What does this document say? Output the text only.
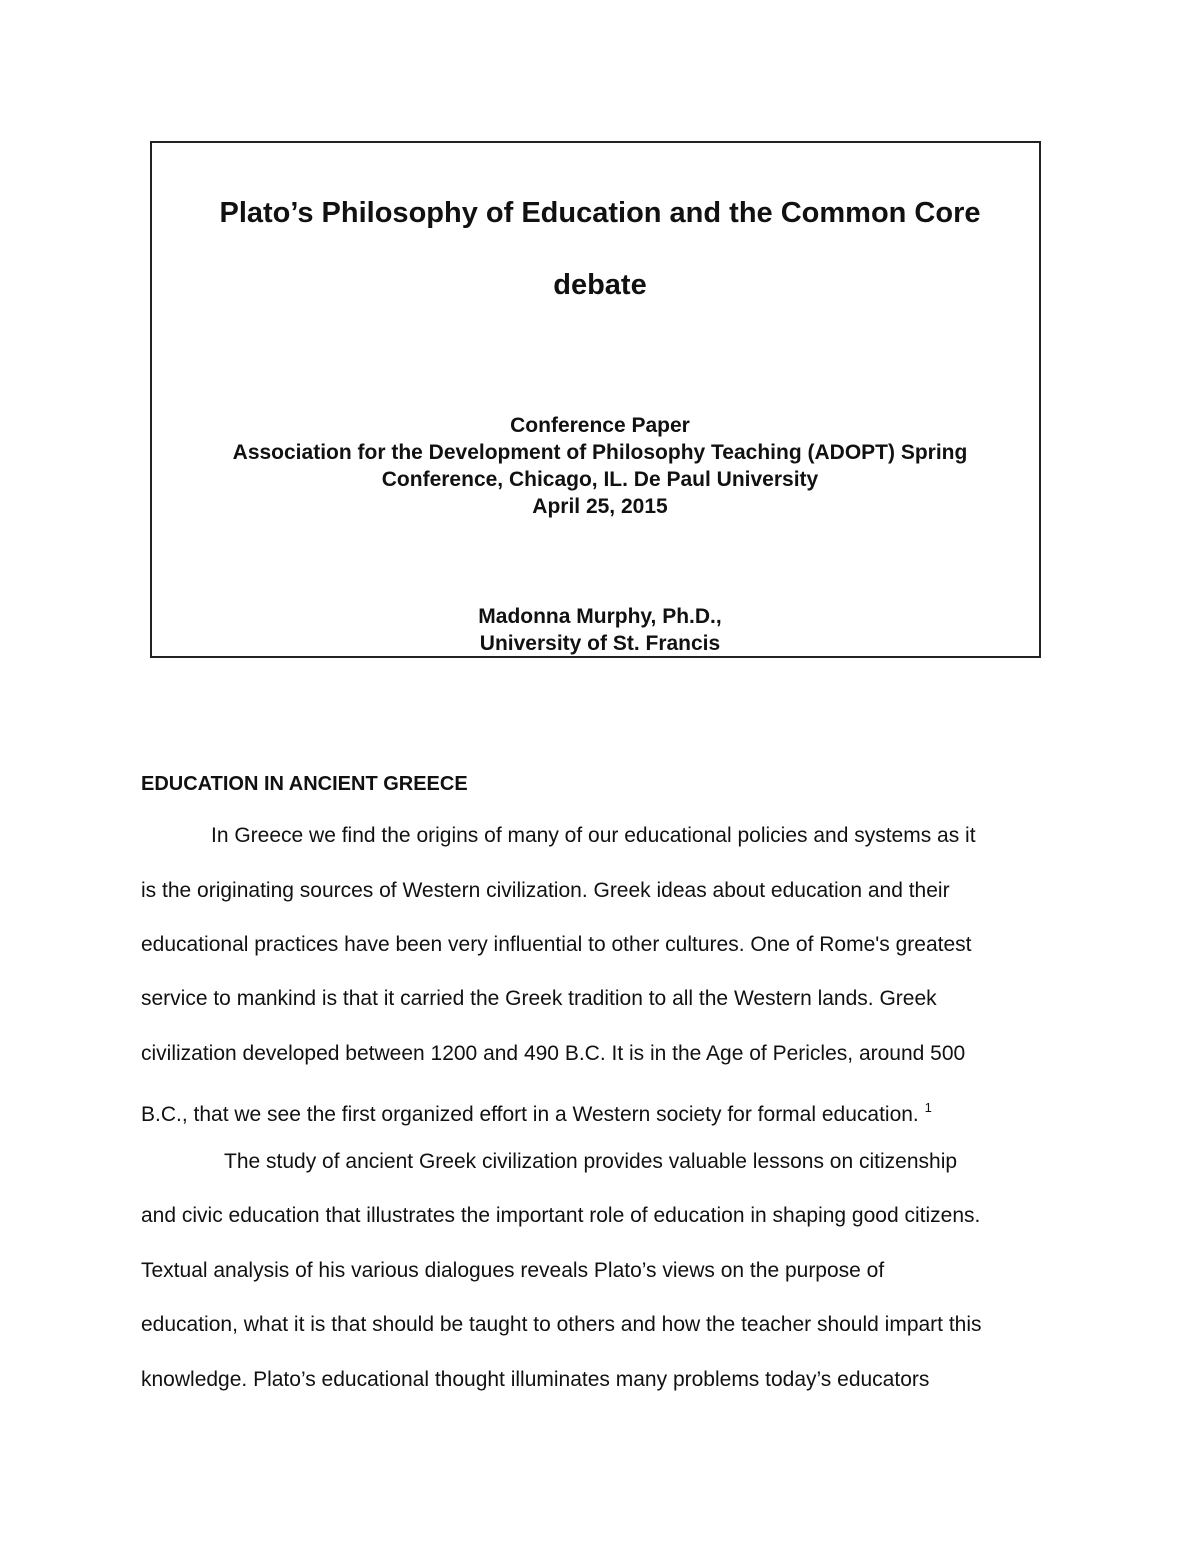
Plato’s Philosophy of Education and the Common Core
debate
Conference Paper
Association for the Development of Philosophy Teaching (ADOPT) Spring
Conference, Chicago, IL. De Paul University
April 25, 2015
Madonna Murphy, Ph.D.,
University of St. Francis
EDUCATION IN ANCIENT GREECE
In Greece we find the origins of many of our educational policies and systems as it
is the originating sources of Western civilization. Greek ideas about education and their
educational practices have been very influential to other cultures. One of Rome's greatest
service to mankind is that it carried the Greek tradition to all the Western lands. Greek
civilization developed between 1200 and 490 B.C. It is in the Age of Pericles, around 500
B.C., that we see the first organized effort in a Western society for formal education. $^1$
The study of ancient Greek civilization provides valuable lessons on citizenship
and civic education that illustrates the important role of education in shaping good citizens.
Textual analysis of his various dialogues reveals Plato’s views on the purpose of
education, what it is that should be taught to others and how the teacher should impart this
knowledge. Plato’s educational thought illuminates many problems today’s educators
